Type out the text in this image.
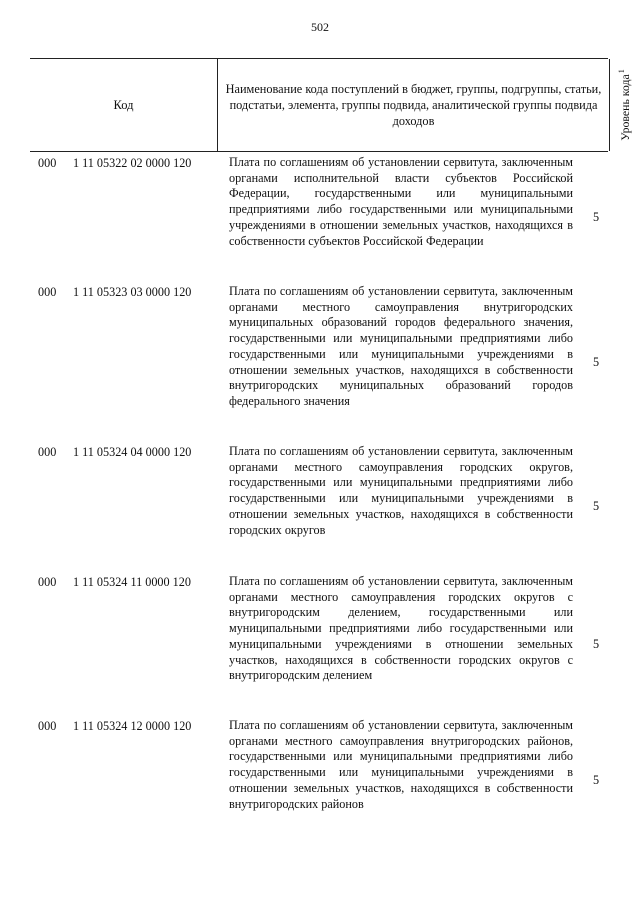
502
Код
Наименование кода поступлений в бюджет, группы, подгруппы, статьи, подстатьи, элемента, группы подвида, аналитической группы подвида доходов	Уровень кода
$^1$
000 1 11 05322 02 0000 120	Плата по соглашениям об установлении сервитута, заключенным органами исполнительной власти субъектов Российской Федерации, государственными или муниципальными предприятиями либо государственными или муниципальными учреждениями в отношении земельных участков, находящихся в собственности субъектов Российской Федерации
5
000 1 11 05323 03 0000 120	Плата по соглашениям об установлении сервитута, заключенным органами местного самоуправления внутригородских муниципальных образований городов федерального значения, государственными или муниципальными предприятиями либо государственными или муниципальными учреждениями в отношении земельных участков, находящихся в собственности внутригородских муниципальных образований городов федерального значения
5
000 1 11 05324 04 0000 120	Плата по соглашениям об установлении сервитута, заключенным органами местного самоуправления городских округов, государственными или муниципальными предприятиями либо государственными или муниципальными учреждениями в отношении земельных участков, находящихся в собственности городских округов
5
000 1 11 05324 11 0000 120	Плата по соглашениям об установлении сервитута, заключенным органами местного самоуправления городских округов с внутригородским делением, государственными или муниципальными предприятиями либо государственными или муниципальными учреждениями в отношении земельных участков, находящихся в собственности городских округов с внутригородским делением
5
000 1 11 05324 12 0000 120	Плата по соглашениям об установлении сервитута, заключенным органами местного самоуправления внутригородских районов, государственными или муниципальными предприятиями либо государственными или муниципальными учреждениями в отношении земельных участков, находящихся в собственности внутригородских районов
5
